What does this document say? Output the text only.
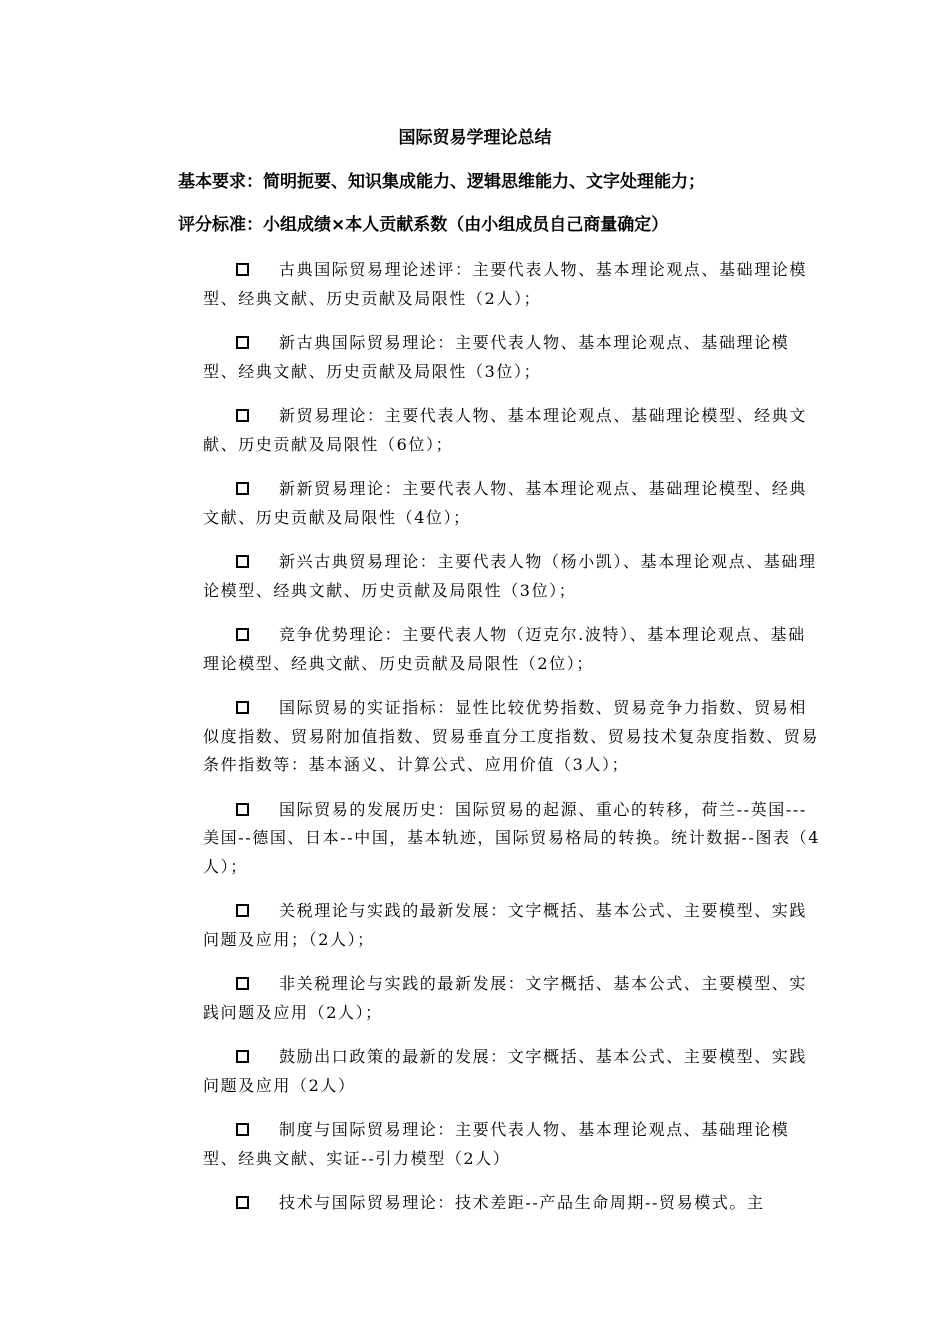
国际贸易学理论总结
基本要求：简明扼要、知识集成能力、逻辑思维能力、文字处理能力；
评分标准：小组成绩×本人贡献系数（由小组成员自己商量确定）
古典国际贸易理论述评：主要代表人物、基本理论观点、基础理论模型、经典文献、历史贡献及局限性（2人）；
新古典国际贸易理论：主要代表人物、基本理论观点、基础理论模型、经典文献、历史贡献及局限性（3位）；
新贸易理论：主要代表人物、基本理论观点、基础理论模型、经典文献、历史贡献及局限性（6位）；
新新贸易理论：主要代表人物、基本理论观点、基础理论模型、经典文献、历史贡献及局限性（4位）；
新兴古典贸易理论：主要代表人物（杨小凯）、基本理论观点、基础理论模型、经典文献、历史贡献及局限性（3位）；
竞争优势理论：主要代表人物（迈克尔.波特）、基本理论观点、基础理论模型、经典文献、历史贡献及局限性（2位）；
国际贸易的实证指标：显性比较优势指数、贸易竞争力指数、贸易相似度指数、贸易附加值指数、贸易垂直分工度指数、贸易技术复杂度指数、贸易条件指数等：基本涵义、计算公式、应用价值（3人）；
国际贸易的发展历史：国际贸易的起源、重心的转移，荷兰--英国---美国--德国、日本--中国，基本轨迹，国际贸易格局的转换。统计数据--图表（4人）；
关税理论与实践的最新发展：文字概括、基本公式、主要模型、实践问题及应用；（2人）；
非关税理论与实践的最新发展：文字概括、基本公式、主要模型、实践问题及应用（2人）；
鼓励出口政策的最新的发展：文字概括、基本公式、主要模型、实践问题及应用（2人）
制度与国际贸易理论：主要代表人物、基本理论观点、基础理论模型、经典文献、实证--引力模型（2人）
技术与国际贸易理论：技术差距--产品生命周期--贸易模式。主
